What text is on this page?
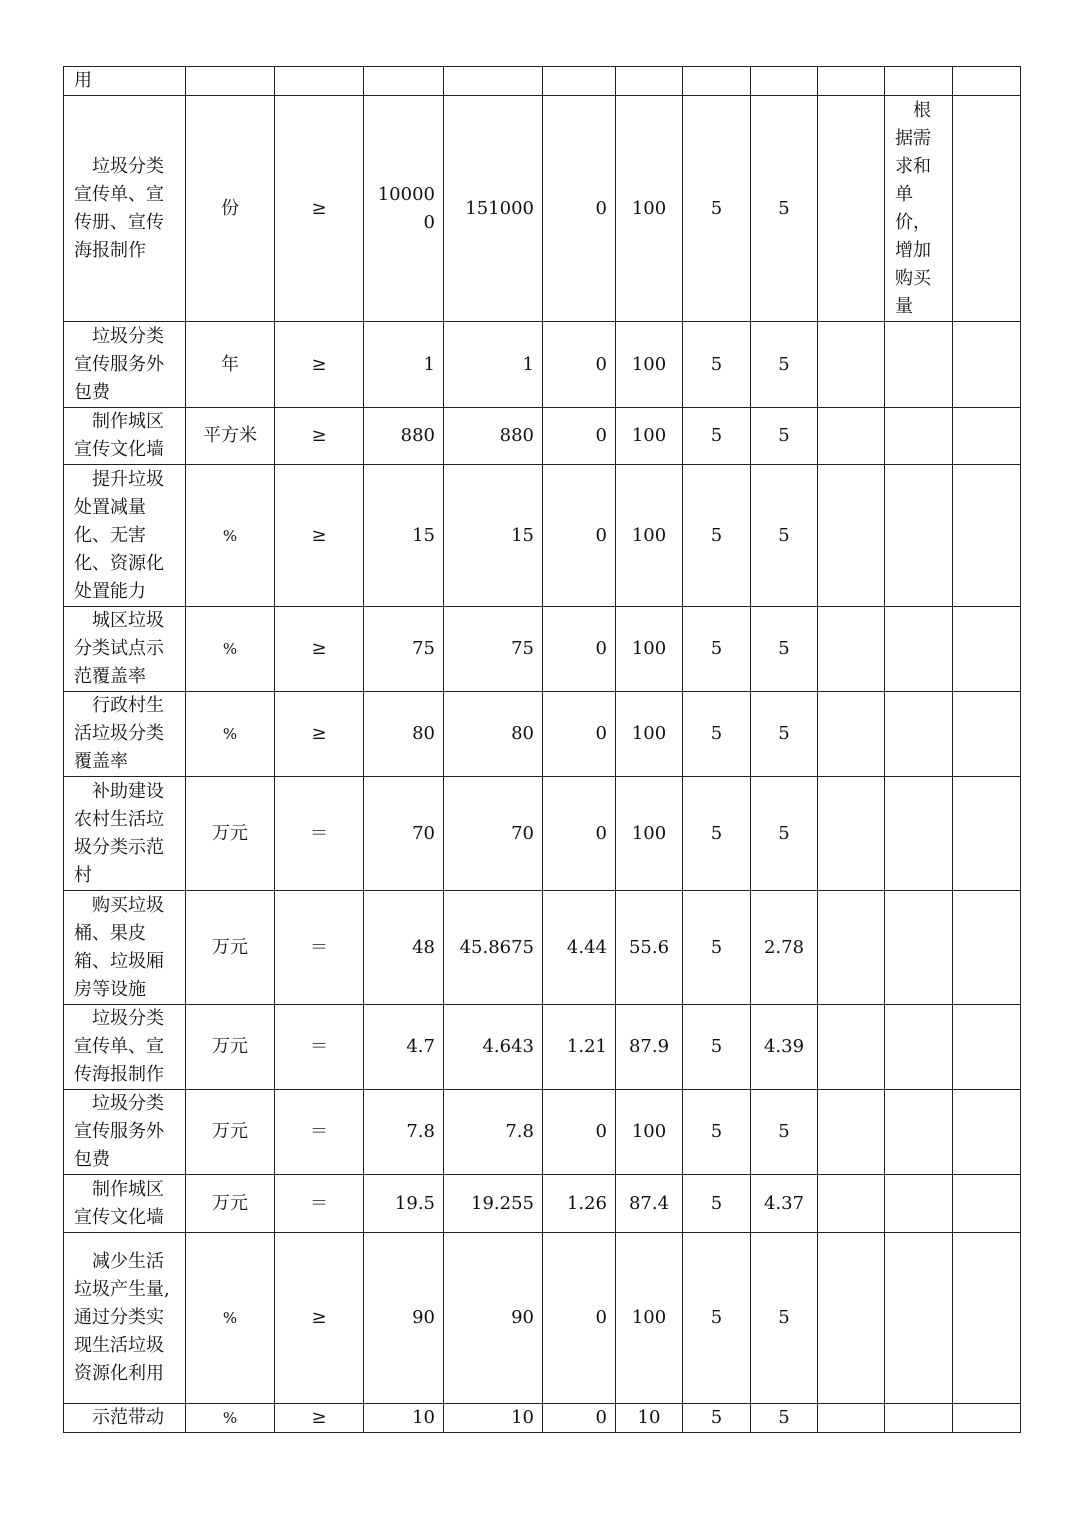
用											
垃圾分类宣传单、宣传册、宣传海报制作	份	≥	100000	151000	0	100	5	5		根据需求和单价，增加购买量	
垃圾分类宣传服务外包费	年	≥	1	1	0	100	5	5			
制作城区宣传文化墙	平方米	≥	880	880	0	100	5	5			
提升垃圾处置减量化、无害化、资源化处置能力	%	≥	15	15	0	100	5	5			
城区垃圾分类试点示范覆盖率	%	≥	75	75	0	100	5	5			
行政村生活垃圾分类覆盖率	%	≥	80	80	0	100	5	5			
补助建设农村生活垃圾分类示范村	万元	＝	70	70	0	100	5	5			
购买垃圾桶、果皮箱、垃圾厢房等设施	万元	＝	48	45.8675	4.44	55.6	5	2.78			
垃圾分类宣传单、宣传海报制作	万元	＝	4.7	4.643	1.21	87.9	5	4.39			
垃圾分类宣传服务外包费	万元	＝	7.8	7.8	0	100	5	5			
制作城区宣传文化墙	万元	＝	19.5	19.255	1.26	87.4	5	4.37			
减少生活垃圾产生量,通过分类实现生活垃圾资源化利用	%	≥	90	90	0	100	5	5			
示范带动	%	≥	10	10	0	10	5	5			
